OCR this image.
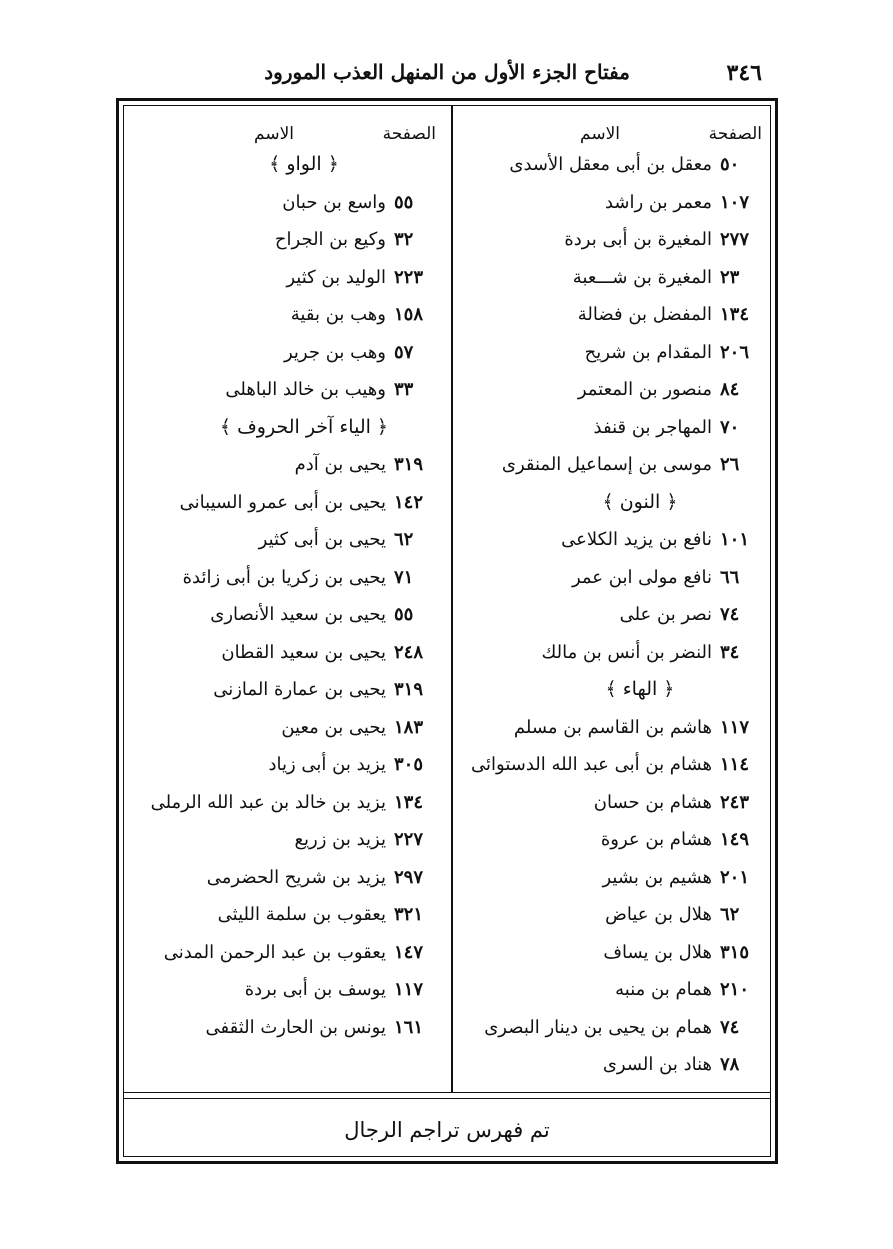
٣٤٦
مفتاح الجزء الأول من المنهل العذب المورود
الصفحة
الاسم
٥٠معقل بن أبى معقل الأسدى
١٠٧معمر بن راشد
٢٧٧المغيرة بن أبى بردة
٢٣المغيرة بن شـــعبة
١٣٤المفضل بن فضالة
٢٠٦المقدام بن شريح
٨٤منصور بن المعتمر
٧٠المهاجر بن قنفذ
٢٦موسى بن إسماعيل المنقرى
﴿ النون ﴾
١٠١نافع بن يزيد الكلاعى
٦٦نافع مولى ابن عمر
٧٤نصر بن على
٣٤النضر بن أنس بن مالك
﴿ الهاء ﴾
١١٧هاشم بن القاسم بن مسلم
١١٤هشام بن أبى عبد الله الدستوائى
٢٤٣هشام بن حسان
١٤٩هشام بن عروة
٢٠١هشيم بن بشير
٦٢هلال بن عياض
٣١٥هلال بن يساف
٢١٠همام بن منبه
٧٤همام بن يحيى بن دينار البصرى
٧٨هناد بن السرى
الصفحة
الاسم
﴿ الواو ﴾
٥٥واسع بن حبان
٣٢وكيع بن الجراح
٢٢٣الوليد بن كثير
١٥٨وهب بن بقية
٥٧وهب بن جرير
٣٣وهيب بن خالد الباهلى
﴿ الياء آخر الحروف ﴾
٣١٩يحيى بن آدم
١٤٢يحيى بن أبى عمرو السيبانى
٦٢يحيى بن أبى كثير
٧١يحيى بن زكريا بن أبى زائدة
٥٥يحيى بن سعيد الأنصارى
٢٤٨يحيى بن سعيد القطان
٣١٩يحيى بن عمارة المازنى
١٨٣يحيى بن معين
٣٠٥يزيد بن أبى زياد
١٣٤يزيد بن خالد بن عبد الله الرملى
٢٢٧يزيد بن زريع
٢٩٧يزيد بن شريح الحضرمى
٣٢١يعقوب بن سلمة الليثى
١٤٧يعقوب بن عبد الرحمن المدنى
١١٧يوسف بن أبى بردة
١٦١يونس بن الحارث الثقفى
تم فهرس تراجم الرجال
